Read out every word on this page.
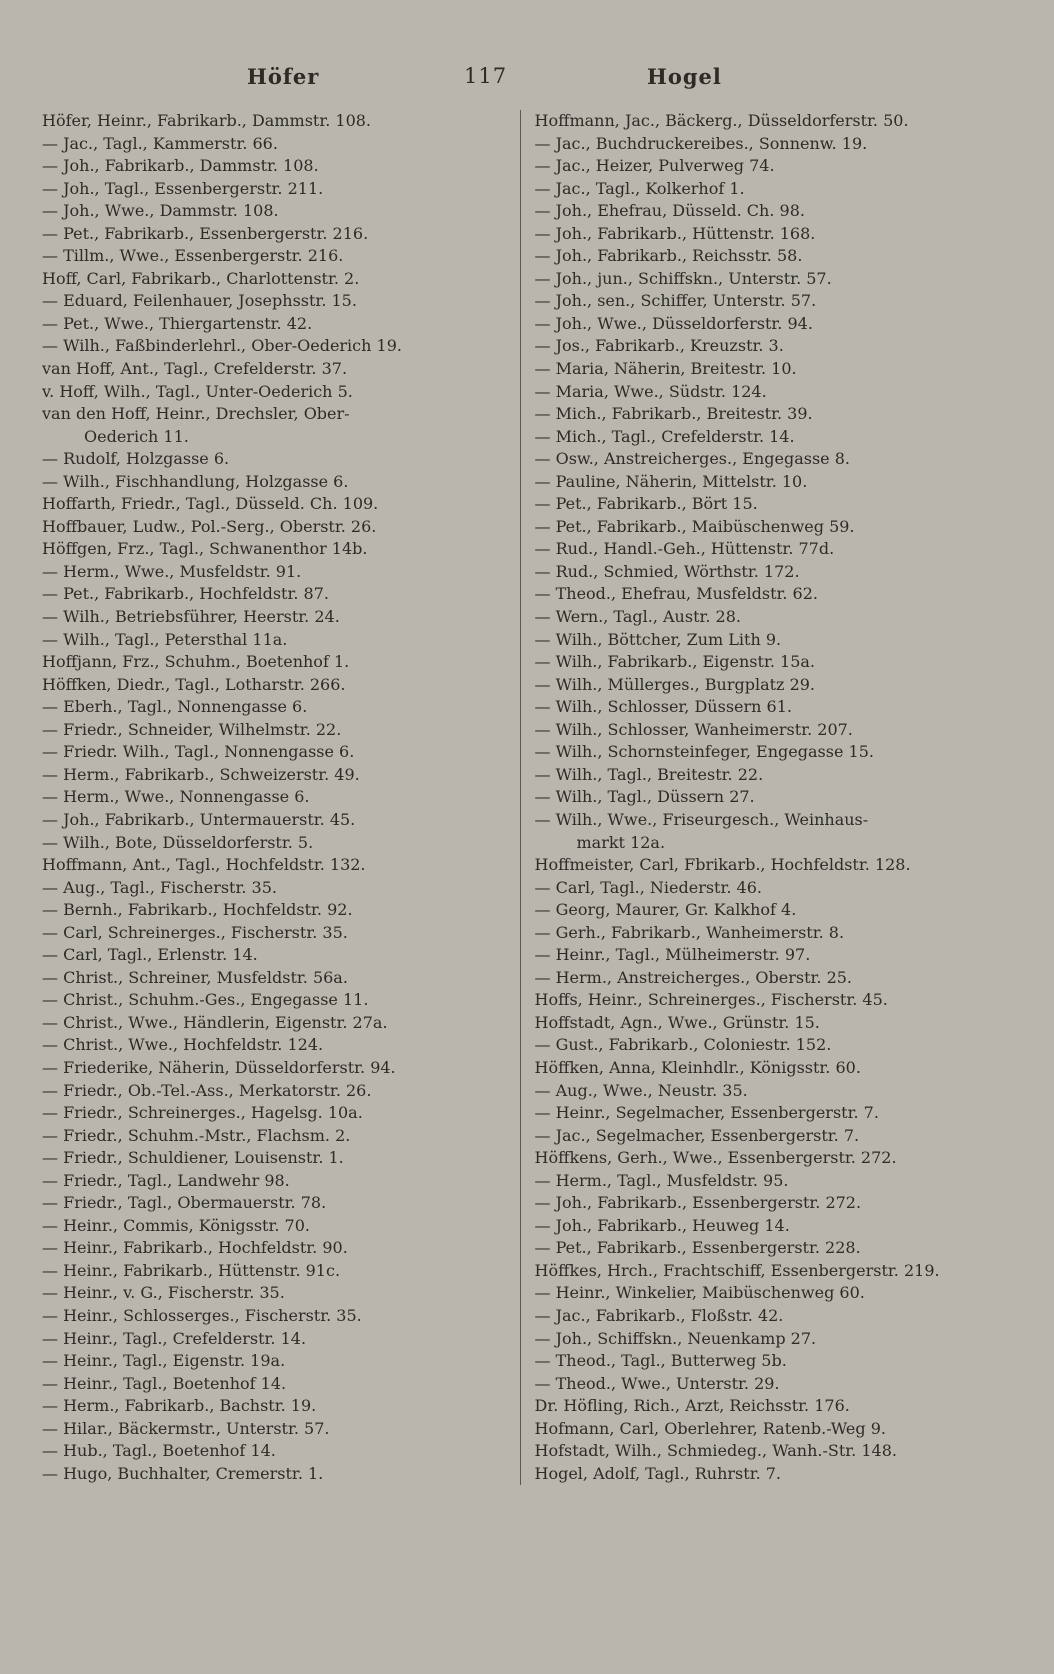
Höfer	117	Hogel
Höfer, Heinr., Fabrikarb., Dammstr. 108.
— Jac., Tagl., Kammerstr. 66.
— Joh., Fabrikarb., Dammstr. 108.
— Joh., Tagl., Essenbergerstr. 211.
— Joh., Wwe., Dammstr. 108.
— Pet., Fabrikarb., Essenbergerstr. 216.
— Tillm., Wwe., Essenbergerstr. 216.
Hoff, Carl, Fabrikarb., Charlottenstr. 2.
— Eduard, Feilenhauer, Josephsstr. 15.
— Pet., Wwe., Thiergartenstr. 42.
— Wilh., Faßbinderlehrl., Ober-Oederich 19.
van Hoff, Ant., Tagl., Crefelderstr. 37.
v. Hoff, Wilh., Tagl., Unter-Oederich 5.
van den Hoff, Heinr., Drechsler, Ober-
Oederich 11.
— Rudolf, Holzgasse 6.
— Wilh., Fischhandlung, Holzgasse 6.
Hoffarth, Friedr., Tagl., Düsseld. Ch. 109.
Hoffbauer, Ludw., Pol.-Serg., Oberstr. 26.
Höffgen, Frz., Tagl., Schwanenthor 14b.
— Herm., Wwe., Musfeldstr. 91.
— Pet., Fabrikarb., Hochfeldstr. 87.
— Wilh., Betriebsführer, Heerstr. 24.
— Wilh., Tagl., Petersthal 11a.
Hoffjann, Frz., Schuhm., Boetenhof 1.
Höffken, Diedr., Tagl., Lotharstr. 266.
— Eberh., Tagl., Nonnengasse 6.
— Friedr., Schneider, Wilhelmstr. 22.
— Friedr. Wilh., Tagl., Nonnengasse 6.
— Herm., Fabrikarb., Schweizerstr. 49.
— Herm., Wwe., Nonnengasse 6.
— Joh., Fabrikarb., Untermauerstr. 45.
— Wilh., Bote, Düsseldorferstr. 5.
Hoffmann, Ant., Tagl., Hochfeldstr. 132.
— Aug., Tagl., Fischerstr. 35.
— Bernh., Fabrikarb., Hochfeldstr. 92.
— Carl, Schreinerges., Fischerstr. 35.
— Carl, Tagl., Erlenstr. 14.
— Christ., Schreiner, Musfeldstr. 56a.
— Christ., Schuhm.-Ges., Engegasse 11.
— Christ., Wwe., Händlerin, Eigenstr. 27a.
— Christ., Wwe., Hochfeldstr. 124.
— Friederike, Näherin, Düsseldorferstr. 94.
— Friedr., Ob.-Tel.-Ass., Merkatorstr. 26.
— Friedr., Schreinerges., Hagelsg. 10a.
— Friedr., Schuhm.-Mstr., Flachsm. 2.
— Friedr., Schuldiener, Louisenstr. 1.
— Friedr., Tagl., Landwehr 98.
— Friedr., Tagl., Obermauerstr. 78.
— Heinr., Commis, Königsstr. 70.
— Heinr., Fabrikarb., Hochfeldstr. 90.
— Heinr., Fabrikarb., Hüttenstr. 91c.
— Heinr., v. G., Fischerstr. 35.
— Heinr., Schlosserges., Fischerstr. 35.
— Heinr., Tagl., Crefelderstr. 14.
— Heinr., Tagl., Eigenstr. 19a.
— Heinr., Tagl., Boetenhof 14.
— Herm., Fabrikarb., Bachstr. 19.
— Hilar., Bäckermstr., Unterstr. 57.
— Hub., Tagl., Boetenhof 14.
— Hugo, Buchhalter, Cremerstr. 1.
Hoffmann, Jac., Bäckerg., Düsseldorferstr. 50.
— Jac., Buchdruckereibes., Sonnenw. 19.
— Jac., Heizer, Pulverweg 74.
— Jac., Tagl., Kolkerhof 1.
— Joh., Ehefrau, Düsseld. Ch. 98.
— Joh., Fabrikarb., Hüttenstr. 168.
— Joh., Fabrikarb., Reichsstr. 58.
— Joh., jun., Schiffskn., Unterstr. 57.
— Joh., sen., Schiffer, Unterstr. 57.
— Joh., Wwe., Düsseldorferstr. 94.
— Jos., Fabrikarb., Kreuzstr. 3.
— Maria, Näherin, Breitestr. 10.
— Maria, Wwe., Südstr. 124.
— Mich., Fabrikarb., Breitestr. 39.
— Mich., Tagl., Crefelderstr. 14.
— Osw., Anstreicherges., Engegasse 8.
— Pauline, Näherin, Mittelstr. 10.
— Pet., Fabrikarb., Bört 15.
— Pet., Fabrikarb., Maibüschenweg 59.
— Rud., Handl.-Geh., Hüttenstr. 77d.
— Rud., Schmied, Wörthstr. 172.
— Theod., Ehefrau, Musfeldstr. 62.
— Wern., Tagl., Austr. 28.
— Wilh., Böttcher, Zum Lith 9.
— Wilh., Fabrikarb., Eigenstr. 15a.
— Wilh., Müllerges., Burgplatz 29.
— Wilh., Schlosser, Düssern 61.
— Wilh., Schlosser, Wanheimerstr. 207.
— Wilh., Schornsteinfeger, Engegasse 15.
— Wilh., Tagl., Breitestr. 22.
— Wilh., Tagl., Düssern 27.
— Wilh., Wwe., Friseurgesch., Weinhaus-
markt 12a.
Hoffmeister, Carl, Fbrikarb., Hochfeldstr. 128.
— Carl, Tagl., Niederstr. 46.
— Georg, Maurer, Gr. Kalkhof 4.
— Gerh., Fabrikarb., Wanheimerstr. 8.
— Heinr., Tagl., Mülheimerstr. 97.
— Herm., Anstreicherges., Oberstr. 25.
Hoffs, Heinr., Schreinerges., Fischerstr. 45.
Hoffstadt, Agn., Wwe., Grünstr. 15.
— Gust., Fabrikarb., Coloniestr. 152.
Höffken, Anna, Kleinhdlr., Königsstr. 60.
— Aug., Wwe., Neustr. 35.
— Heinr., Segelmacher, Essenbergerstr. 7.
— Jac., Segelmacher, Essenbergerstr. 7.
Höffkens, Gerh., Wwe., Essenbergerstr. 272.
— Herm., Tagl., Musfeldstr. 95.
— Joh., Fabrikarb., Essenbergerstr. 272.
— Joh., Fabrikarb., Heuweg 14.
— Pet., Fabrikarb., Essenbergerstr. 228.
Höffkes, Hrch., Frachtschiff, Essenbergerstr. 219.
— Heinr., Winkelier, Maibüschenweg 60.
— Jac., Fabrikarb., Floßstr. 42.
— Joh., Schiffskn., Neuenkamp 27.
— Theod., Tagl., Butterweg 5b.
— Theod., Wwe., Unterstr. 29.
Dr. Höfling, Rich., Arzt, Reichsstr. 176.
Hofmann, Carl, Oberlehrer, Ratenb.-Weg 9.
Hofstadt, Wilh., Schmiedeg., Wanh.-Str. 148.
Hogel, Adolf, Tagl., Ruhrstr. 7.
